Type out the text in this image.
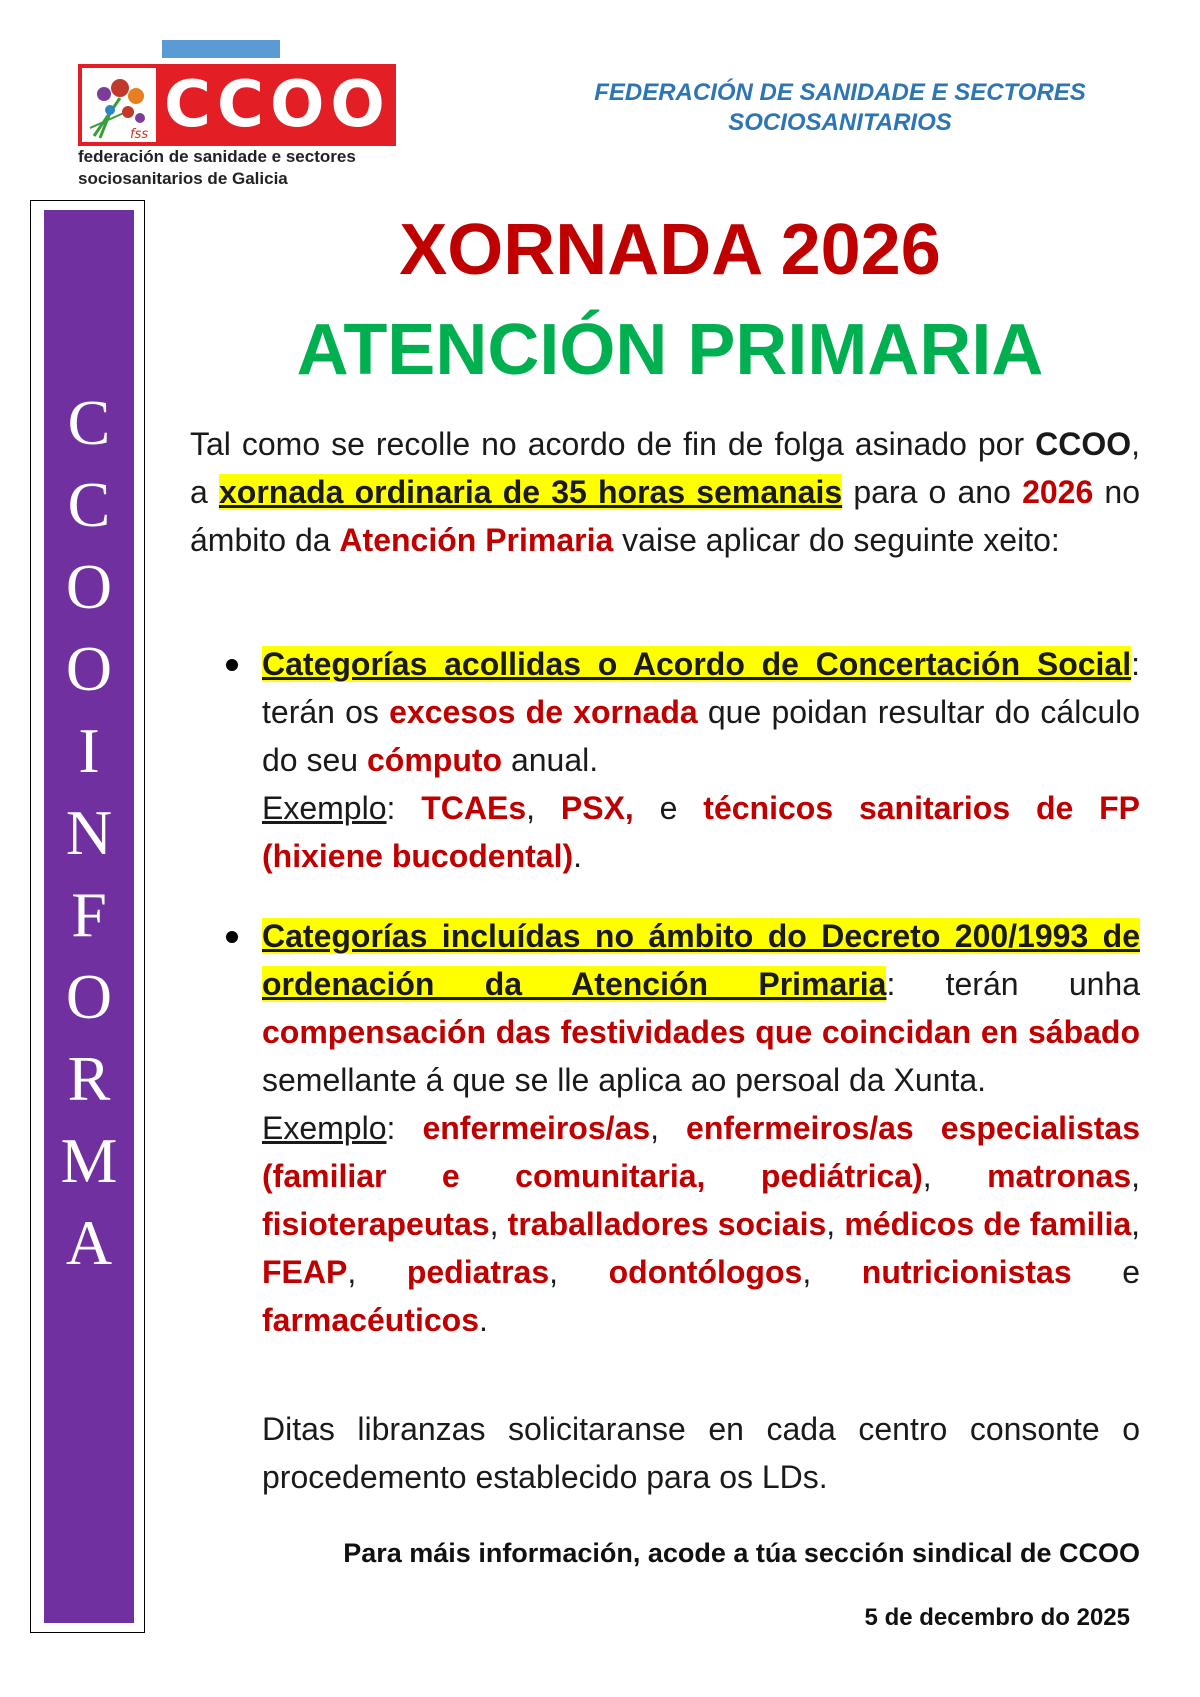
fss CCOO
federación de sanidade e sectores
sociosanitarios de Galicia
FEDERACIÓN DE SANIDADE E SECTORES
SOCIOSANITARIOS
C
C
O
O
I
N
F
O
R
M
A
XORNADA 2026
ATENCIÓN PRIMARIA
Tal como se recolle no acordo de fin de folga asinado por CCOO, a xornada ordinaria de 35 horas semanais para o ano 2026 no ámbito da Atención Primaria vaise aplicar do seguinte xeito:
Categorías acollidas o Acordo de Concertación Social: terán os excesos de xornada que poidan resultar do cálculo do seu cómputo anual.
Exemplo: TCAEs, PSX, e técnicos sanitarios de FP (hixiene bucodental).
Categorías incluídas no ámbito do Decreto 200/1993 de ordenación da Atención Primaria: terán unha compensación das festividades que coincidan en sábado semellante á que se lle aplica ao persoal da Xunta.
Exemplo: enfermeiros/as, enfermeiros/as especialistas (familiar e comunitaria, pediátrica), matronas, fisioterapeutas, traballadores sociais, médicos de familia, FEAP, pediatras, odontólogos, nutricionistas e farmacéuticos.
Ditas libranzas solicitaranse en cada centro consonte o procedemento establecido para os LDs.
Para máis información, acode a túa sección sindical de CCOO
5 de decembro do 2025
